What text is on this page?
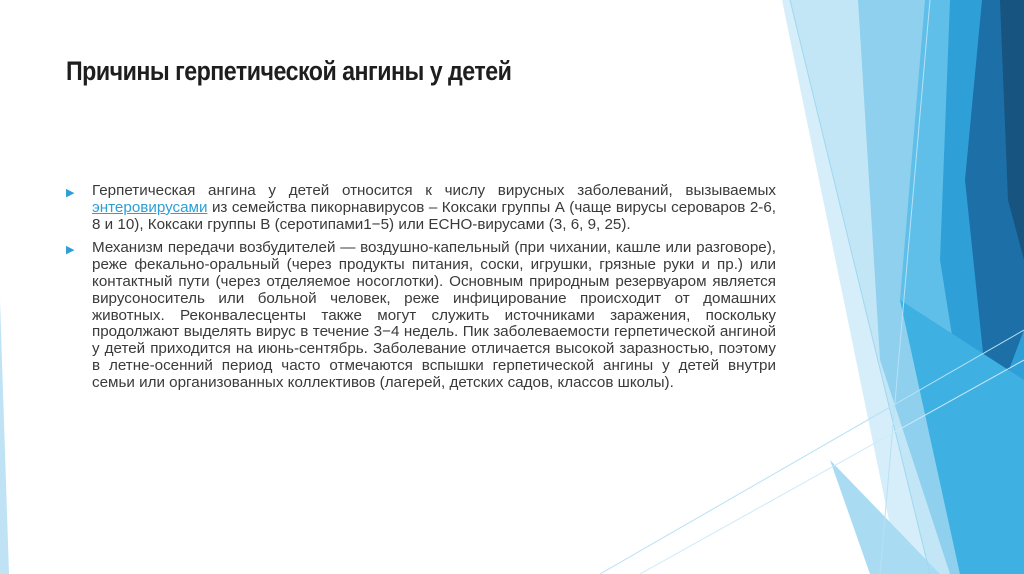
Причины герпетической ангины у детей
▶ Герпетическая ангина у детей относится к числу вирусных заболеваний, вызываемых энтеровирусами из семейства пикорнавирусов – Коксаки группы А (чаще вирусы сероваров 2-6, 8 и 10), Коксаки группы В (серотипами1−5) или ЕСНО-вирусами (3, 6, 9, 25).
▶ Механизм передачи возбудителей — воздушно-капельный (при чихании, кашле или разговоре), реже фекально-оральный (через продукты питания, соски, игрушки, грязные руки и пр.) или контактный пути (через отделяемое носоглотки). Основным природным резервуаром является вирусоноситель или больной человек, реже инфицирование происходит от домашних животных. Реконвалесценты также могут служить источниками заражения, поскольку продолжают выделять вирус в течение 3−4 недель. Пик заболеваемости герпетической ангиной у детей приходится на июнь-сентябрь. Заболевание отличается высокой заразностью, поэтому в летне-осенний период часто отмечаются вспышки герпетической ангины у детей внутри семьи или организованных коллективов (лагерей, детских садов, классов школы).
